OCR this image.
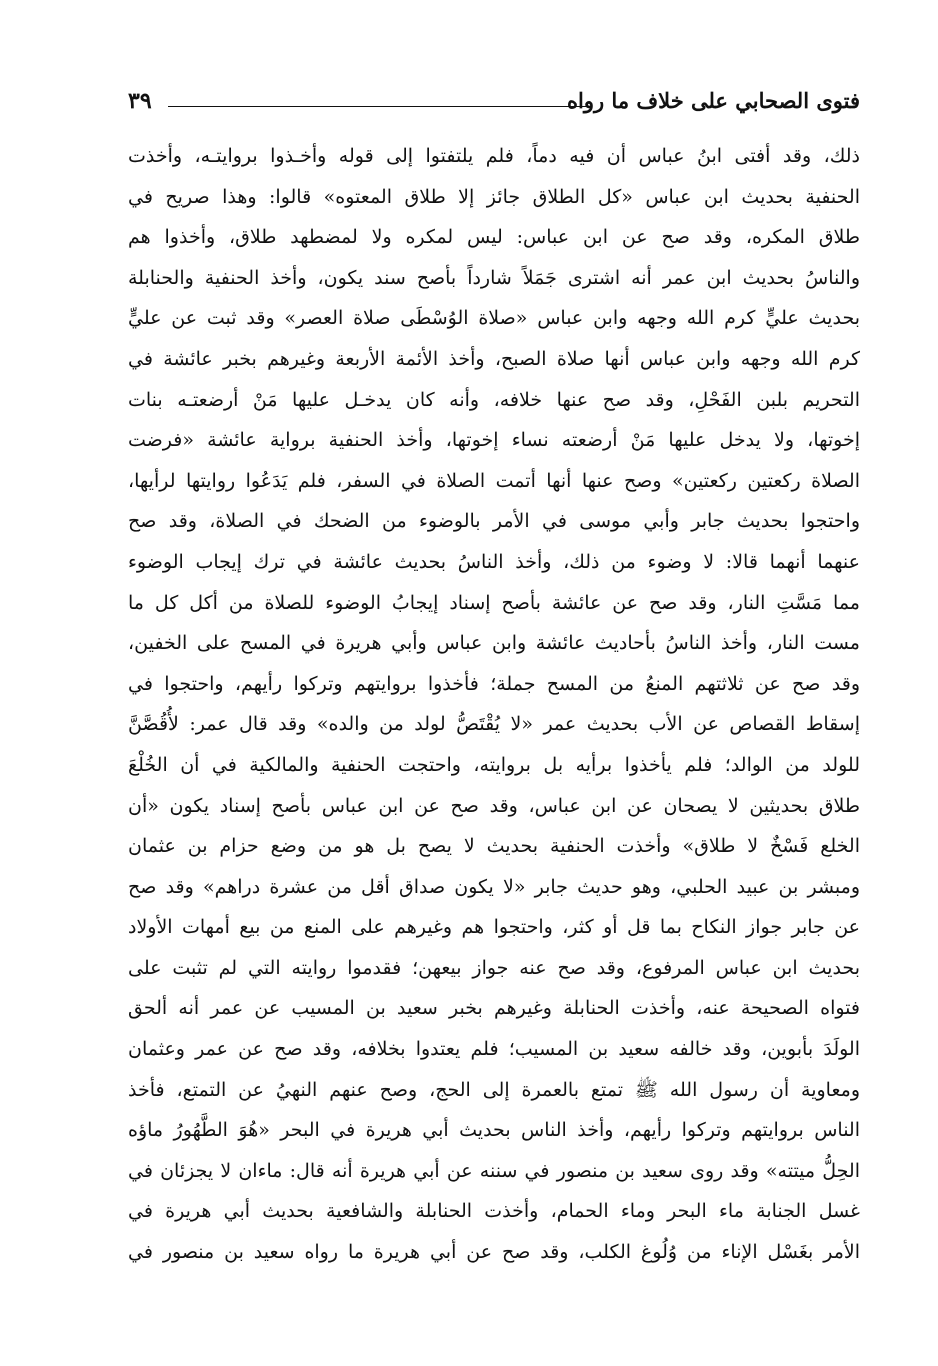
فتوى الصحابي على خلاف ما رواه
٣٩
ذلك، وقد أفتى ابنُ عباس أن فيه دماً، فلم يلتفتوا إلى قوله وأخـذوا بروايتـه، وأخذت
الحنفية بحديث ابن عباس «كل الطلاق جائز إلا طلاق المعتوه» قالوا: وهذا صريح في
طلاق المكره، وقد صح عن ابن عباس: ليس لمكره ولا لمضطهد طلاق، وأخذوا هم
والناسُ بحديث ابن عمر أنه اشترى جَمَلاً شارداً بأصح سند يكون، وأخذ الحنفية والحنابلة
بحديث عليٍّ كرم الله وجهه وابن عباس «صلاة الوُسْطَى صلاة العصر» وقد ثبت عن عليٍّ
كرم الله وجهه وابن عباس أنها صلاة الصبح، وأخذ الأئمة الأربعة وغيرهم بخبر عائشة في
التحريم بلبن الفَحْلِ، وقد صح عنها خلافه، وأنه كان يدخـل عليها مَنْ أرضعتـه بنات
إخوتها، ولا يدخل عليها مَنْ أرضعته نساء إخوتها، وأخذ الحنفية برواية عائشة «فرضت
الصلاة ركعتين ركعتين» وصح عنها أنها أتمت الصلاة في السفر، فلم يَدَعُوا روايتها لرأيها،
واحتجوا بحديث جابر وأبي موسى في الأمر بالوضوء من الضحك في الصلاة، وقد صح
عنهما أنهما قالا: لا وضوء من ذلك، وأخذ الناسُ بحديث عائشة في ترك إيجاب الوضوء
مما مَسَّتِ النار، وقد صح عن عائشة بأصح إسناد إيجابُ الوضوء للصلاة من أكل كل ما
مست النار، وأخذ الناسُ بأحاديث عائشة وابن عباس وأبي هريرة في المسح على الخفين،
وقد صح عن ثلاثتهم المنعُ من المسح جملة؛ فأخذوا بروايتهم وتركوا رأيهم، واحتجوا في
إسقاط القصاص عن الأب بحديث عمر «لا يُقْتَصُّ لولد من والده» وقد قال عمر: لأُقُصَّنَّ
للولد من الوالد؛ فلم يأخذوا برأيه بل بروايته، واحتجت الحنفية والمالكية في أن الخُلْعَ
طلاق بحديثين لا يصحان عن ابن عباس، وقد صح عن ابن عباس بأصح إسناد يكون «أن
الخلع فَسْخٌ لا طلاق» وأخذت الحنفية بحديث لا يصح بل هو من وضع حزام بن عثمان
ومبشر بن عبيد الحلبي، وهو حديث جابر «لا يكون صداق أقل من عشرة دراهم» وقد صح
عن جابر جواز النكاح بما قل أو كثر، واحتجوا هم وغيرهم على المنع من بيع أمهات الأولاد
بحديث ابن عباس المرفوع، وقد صح عنه جواز بيعهن؛ فقدموا روايته التي لم تثبت على
فتواه الصحيحة عنه، وأخذت الحنابلة وغيرهم بخبر سعيد بن المسيب عن عمر أنه ألحق
الولَدَ بأبوين، وقد خالفه سعيد بن المسيب؛ فلم يعتدوا بخلافه، وقد صح عن عمر وعثمان
ومعاوية أن رسول الله ﷺ تمتع بالعمرة إلى الحج، وصح عنهم النهيُ عن التمتع، فأخذ
الناس بروايتهم وتركوا رأيهم، وأخذ الناس بحديث أبي هريرة في البحر «هُوَ الطَّهُورُ ماؤه
الحِلُّ ميتته» وقد روى سعيد بن منصور في سننه عن أبي هريرة أنه قال: ماءان لا يجزئان في
غسل الجنابة ماء البحر وماء الحمام، وأخذت الحنابلة والشافعية بحديث أبي هريرة في
الأمر بغَسْل الإناء من وُلُوغ الكلب، وقد صح عن أبي هريرة ما رواه سعيد بن منصور في
